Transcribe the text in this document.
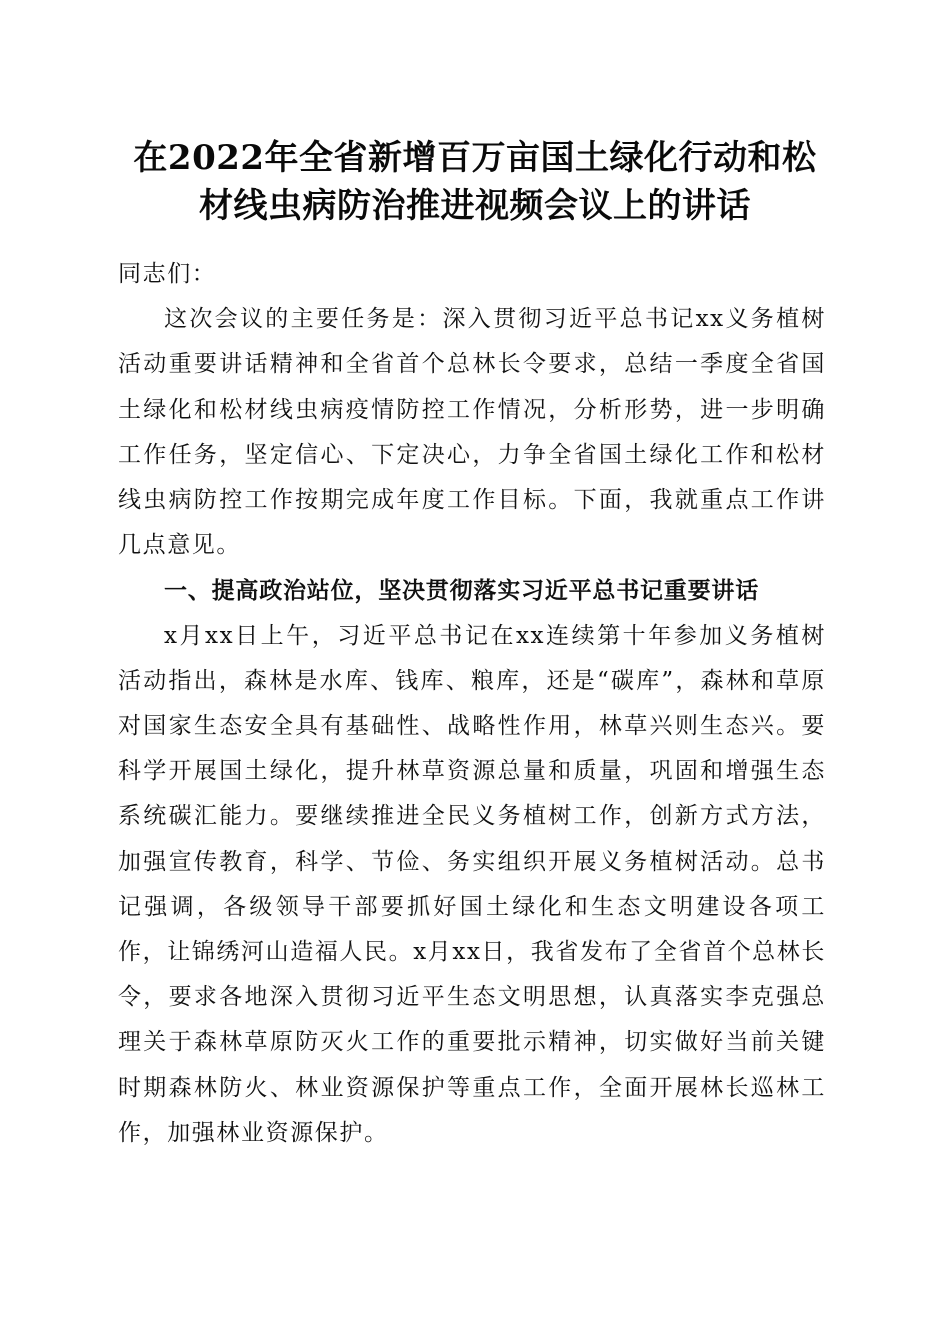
在2022年全省新增百万亩国土绿化行动和松
材线虫病防治推进视频会议上的讲话

同志们：

这次会议的主要任务是：深入贯彻习近平总书记xx义务植树活动重要讲话精神和全省首个总林长令要求，总结一季度全省国土绿化和松材线虫病疫情防控工作情况，分析形势，进一步明确工作任务，坚定信心、下定决心，力争全省国土绿化工作和松材线虫病防控工作按期完成年度工作目标。下面，我就重点工作讲几点意见。

一、提高政治站位，坚决贯彻落实习近平总书记重要讲话

x月xx日上午，习近平总书记在xx连续第十年参加义务植树活动指出，森林是水库、钱库、粮库，还是“碳库”，森林和草原对国家生态安全具有基础性、战略性作用，林草兴则生态兴。要科学开展国土绿化，提升林草资源总量和质量，巩固和增强生态系统碳汇能力。要继续推进全民义务植树工作，创新方式方法，加强宣传教育，科学、节俭、务实组织开展义务植树活动。总书记强调，各级领导干部要抓好国土绿化和生态文明建设各项工作，让锦绣河山造福人民。x月xx日，我省发布了全省首个总林长令，要求各地深入贯彻习近平生态文明思想，认真落实李克强总理关于森林草原防灭火工作的重要批示精神，切实做好当前关键时期森林防火、林业资源保护等重点工作，全面开展林长巡林工作，加强林业资源保护。
